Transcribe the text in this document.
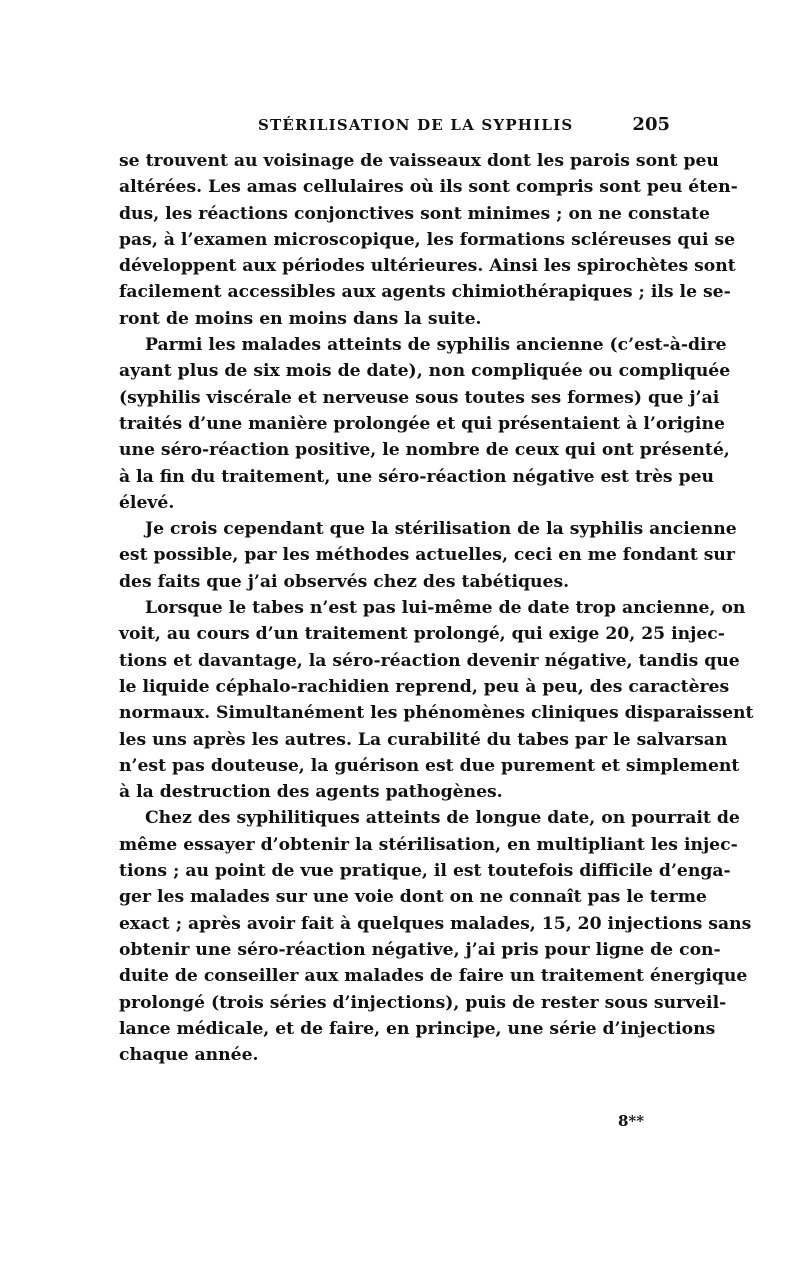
STÉRILISATION DE LA SYPHILIS	205
se trouvent au voisinage de vaisseaux dont les parois sont peu
altérées. Les amas cellulaires où ils sont compris sont peu éten-
dus, les réactions conjonctives sont minimes ; on ne constate
pas, à l’examen microscopique, les formations scléreuses qui se
développent aux périodes ultérieures. Ainsi les spirochètes sont
facilement accessibles aux agents chimiothérapiques ; ils le se-
ront de moins en moins dans la suite.
Parmi les malades atteints de syphilis ancienne (c’est-à-dire
ayant plus de six mois de date), non compliquée ou compliquée
(syphilis viscérale et nerveuse sous toutes ses formes) que j’ai
traités d’une manière prolongée et qui présentaient à l’origine
une séro-réaction positive, le nombre de ceux qui ont présenté,
à la fin du traitement, une séro-réaction négative est très peu
élevé.
Je crois cependant que la stérilisation de la syphilis ancienne
est possible, par les méthodes actuelles, ceci en me fondant sur
des faits que j’ai observés chez des tabétiques.
Lorsque le tabes n’est pas lui-même de date trop ancienne, on
voit, au cours d’un traitement prolongé, qui exige 20, 25 injec-
tions et davantage, la séro-réaction devenir négative, tandis que
le liquide céphalo-rachidien reprend, peu à peu, des caractères
normaux. Simultanément les phénomènes cliniques disparaissent
les uns après les autres. La curabilité du tabes par le salvarsan
n’est pas douteuse, la guérison est due purement et simplement
à la destruction des agents pathogènes.
Chez des syphilitiques atteints de longue date, on pourrait de
même essayer d’obtenir la stérilisation, en multipliant les injec-
tions ; au point de vue pratique, il est toutefois difficile d’enga-
ger les malades sur une voie dont on ne connaît pas le terme
exact ; après avoir fait à quelques malades, 15, 20 injections sans
obtenir une séro-réaction négative, j’ai pris pour ligne de con-
duite de conseiller aux malades de faire un traitement énergique
prolongé (trois séries d’injections), puis de rester sous surveil-
lance médicale, et de faire, en principe, une série d’injections
chaque année.
8**
